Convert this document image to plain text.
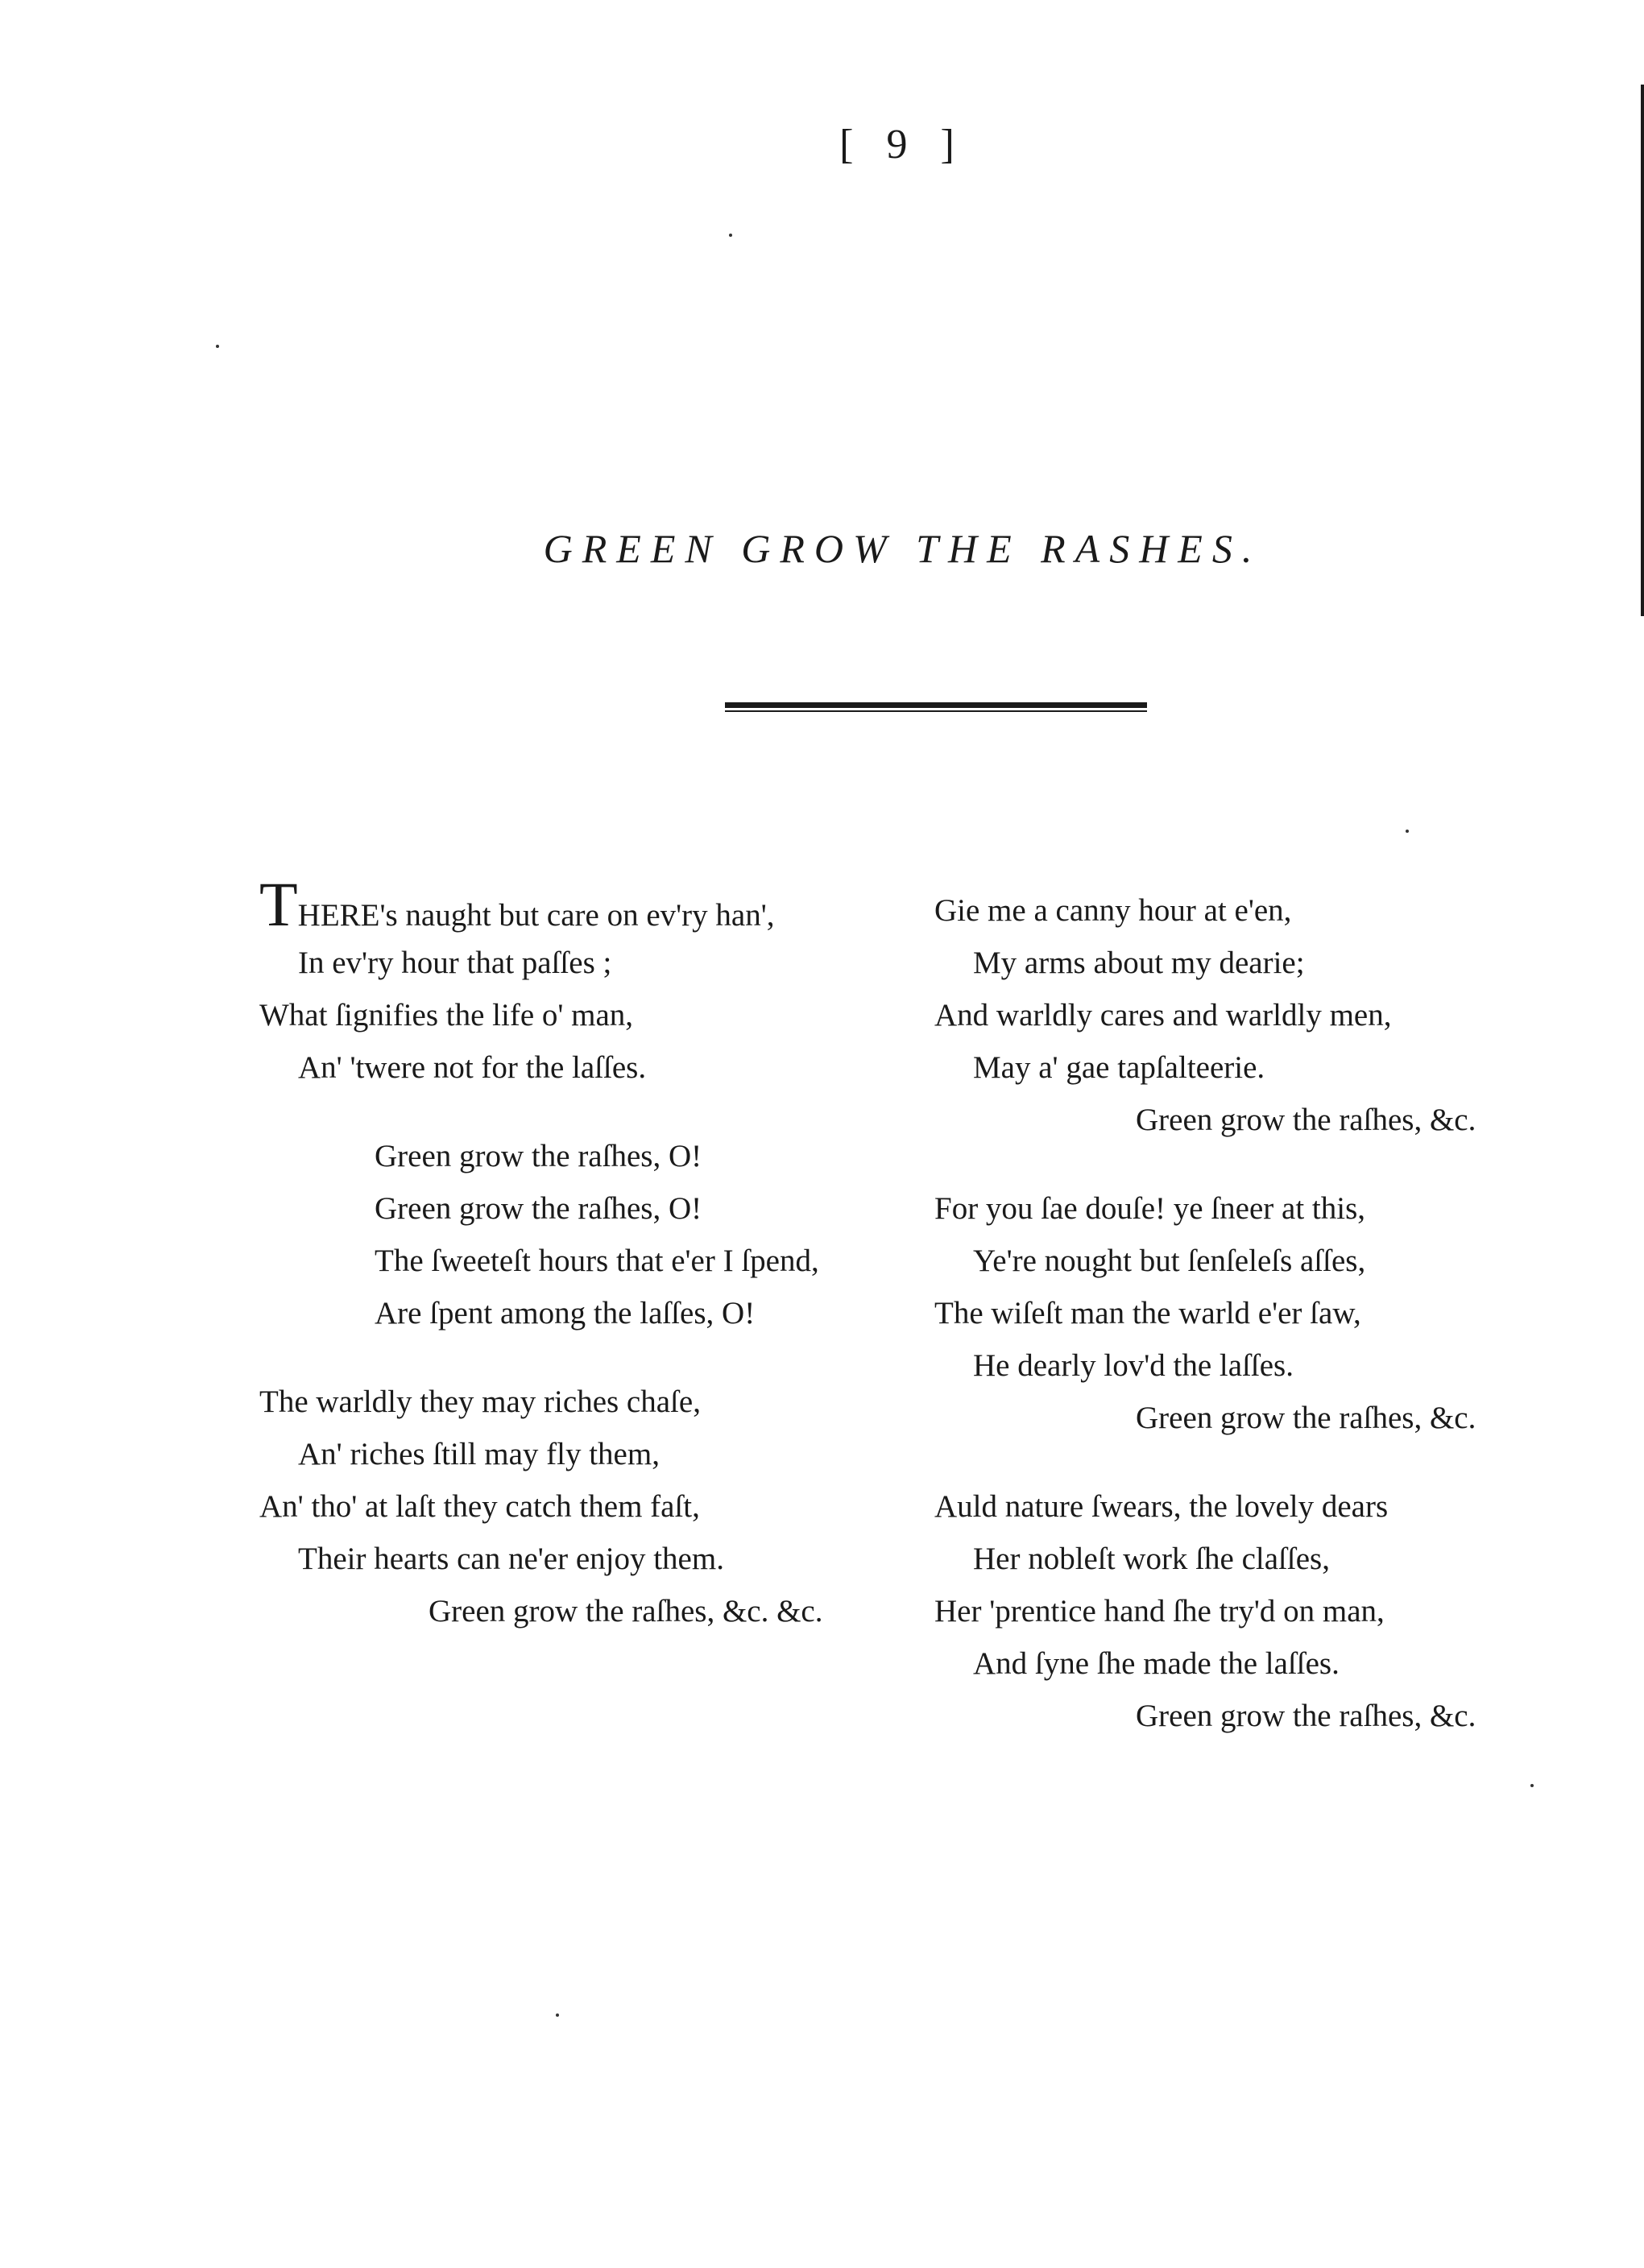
[ 9 ]
GREEN GROW THE RASHES.
THERE's naught but care on ev'ry han',
In ev'ry hour that paſſes ;
What ſignifies the life o' man,
An' 'twere not for the laſſes.
Green grow the raſhes, O!
Green grow the raſhes, O!
The ſweeteſt hours that e'er I ſpend,
Are ſpent among the laſſes, O!
The warldly they may riches chaſe,
An' riches ſtill may fly them,
An' tho' at laſt they catch them faſt,
Their hearts can ne'er enjoy them.
Green grow the raſhes, &c. &c.
Gie me a canny hour at e'en,
My arms about my dearie;
And warldly cares and warldly men,
May a' gae tapſalteerie.
Green grow the raſhes, &c.
For you ſae douſe! ye ſneer at this,
Ye're nought but ſenſeleſs aſſes,
The wiſeſt man the warld e'er ſaw,
He dearly lov'd the laſſes.
Green grow the raſhes, &c.
Auld nature ſwears, the lovely dears
Her nobleſt work ſhe claſſes,
Her 'prentice hand ſhe try'd on man,
And ſyne ſhe made the laſſes.
Green grow the raſhes, &c.
